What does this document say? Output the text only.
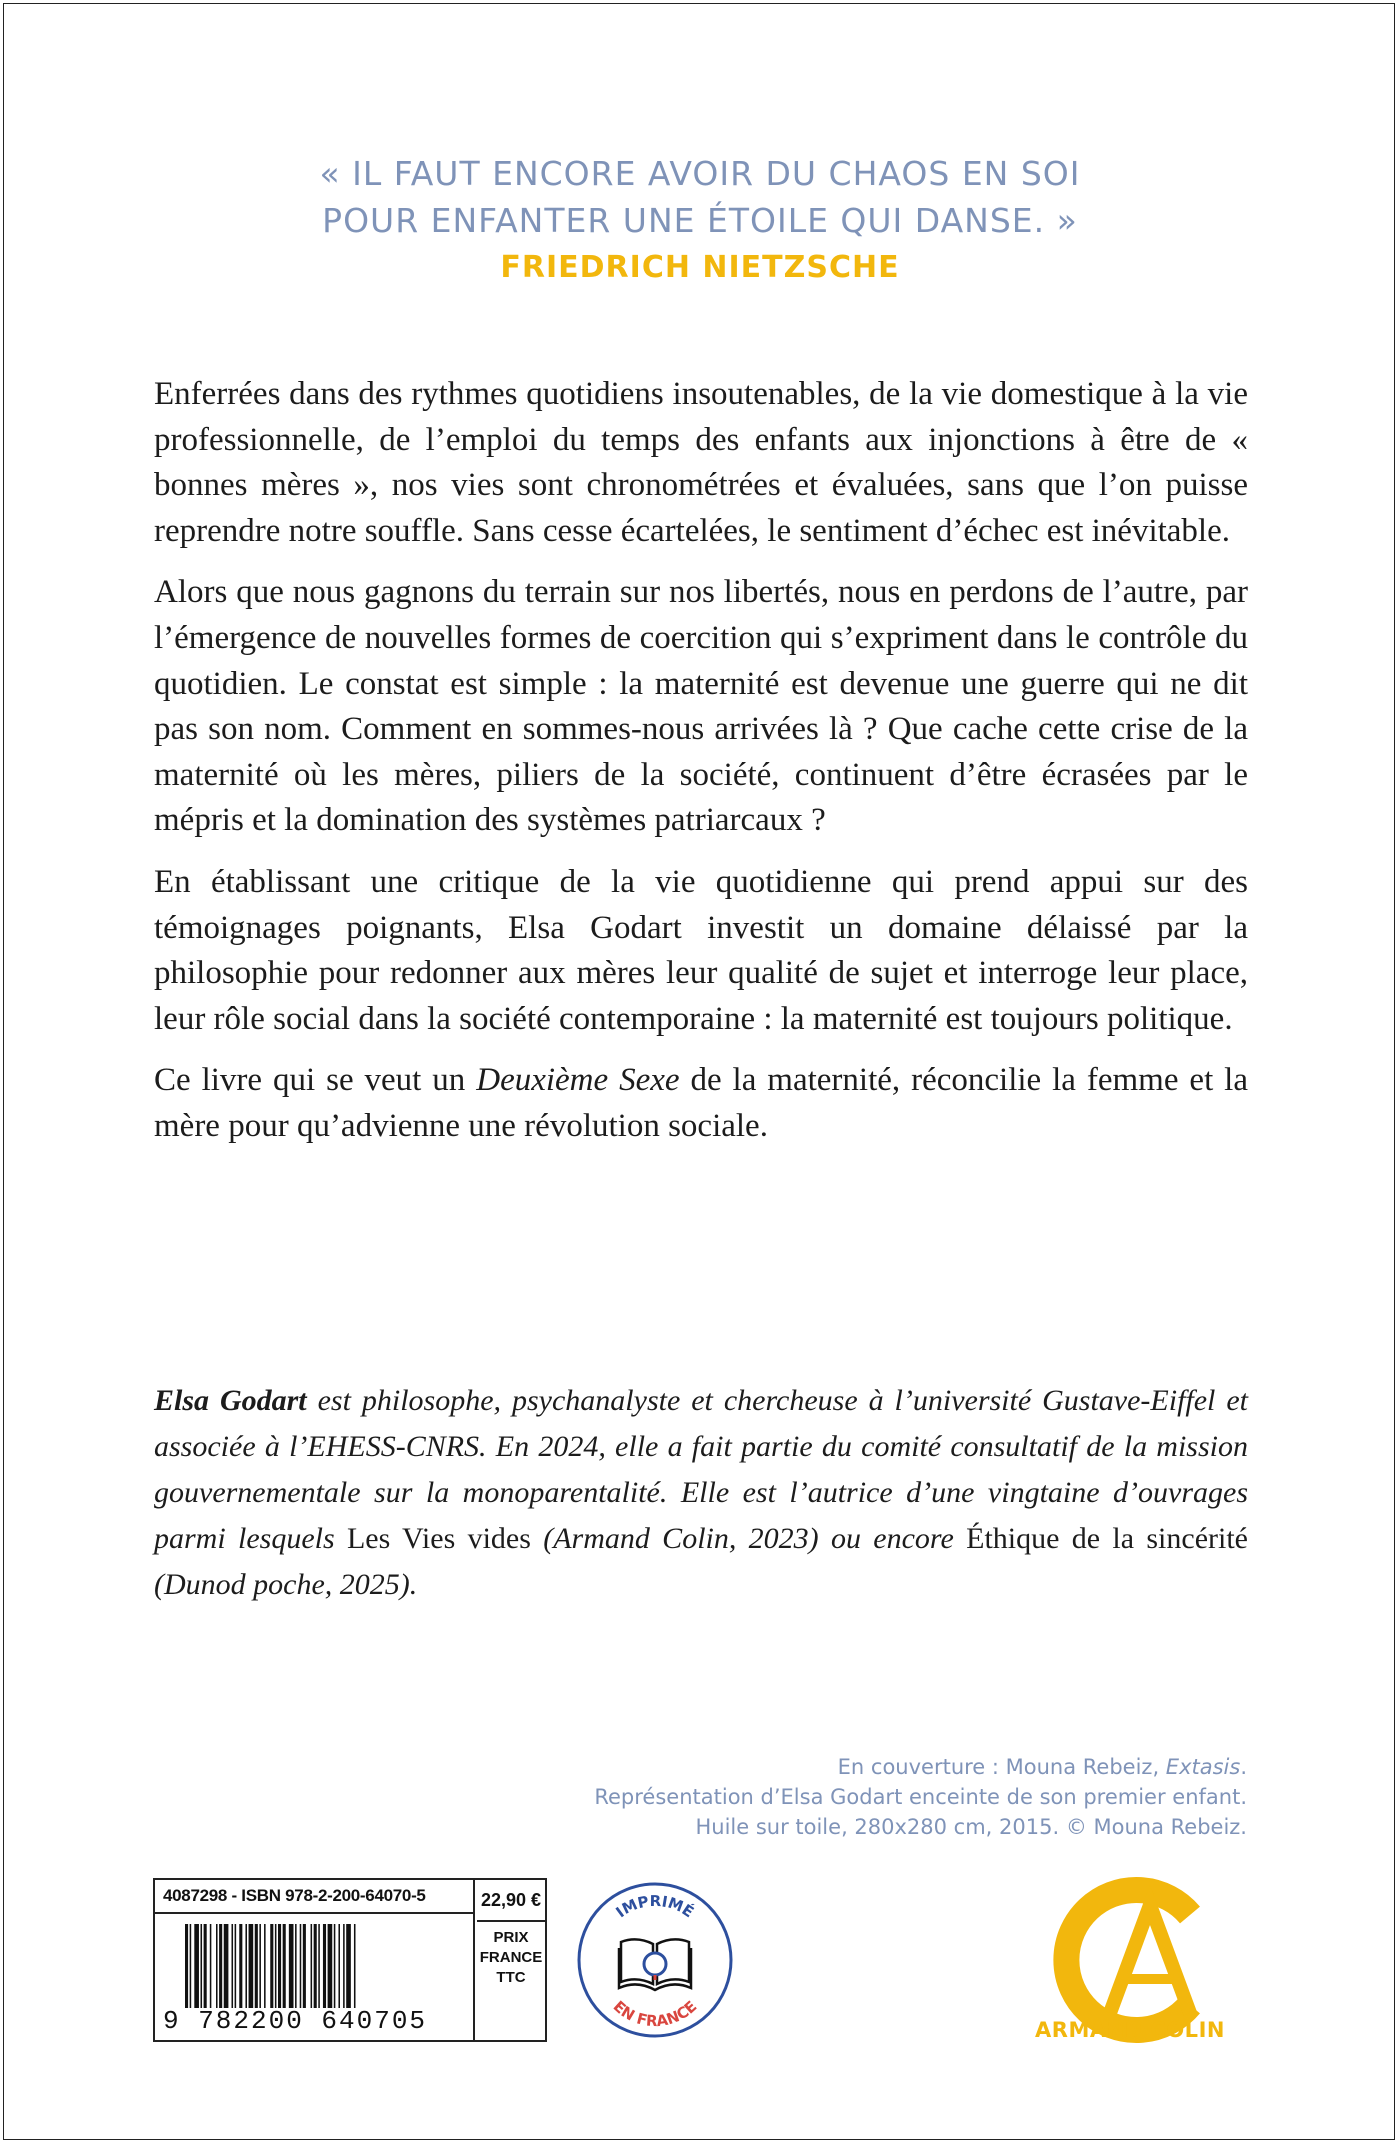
« IL FAUT ENCORE AVOIR DU CHAOS EN SOI
POUR ENFANTER UNE ÉTOILE QUI DANSE. »
FRIEDRICH NIETZSCHE

Enferrées dans des rythmes quotidiens insoutenables, de la vie domestique à la vie professionnelle, de l’emploi du temps des enfants aux injonctions à être de « bonnes mères », nos vies sont chronométrées et évaluées, sans que l’on puisse reprendre notre souffle. Sans cesse écartelées, le sentiment d’échec est inévitable.

Alors que nous gagnons du terrain sur nos libertés, nous en perdons de l’autre, par l’émergence de nouvelles formes de coercition qui s’expriment dans le contrôle du quotidien. Le constat est simple : la maternité est devenue une guerre qui ne dit pas son nom. Comment en sommes-nous arrivées là ? Que cache cette crise de la maternité où les mères, piliers de la société, continuent d’être écrasées par le mépris et la domination des systèmes patriarcaux ?

En établissant une critique de la vie quotidienne qui prend appui sur des témoignages poignants, Elsa Godart investit un domaine délaissé par la philosophie pour redonner aux mères leur qualité de sujet et interroge leur place, leur rôle social dans la société contemporaine : la maternité est toujours politique.

Ce livre qui se veut un Deuxième Sexe de la maternité, réconcilie la femme et la mère pour qu’advienne une révolution sociale.

Elsa Godart est philosophe, psychanalyste et chercheuse à l’université Gustave-Eiffel et associée à l’EHESS-CNRS. En 2024, elle a fait partie du comité consultatif de la mission gouvernementale sur la monoparentalité. Elle est l’autrice d’une vingtaine d’ouvrages parmi lesquels Les Vies vides (Armand Colin, 2023) ou encore Éthique de la sincérité (Dunod poche, 2025).
En couverture : Mouna Rebeiz, Extasis.
Représentation d’Elsa Godart enceinte de son premier enfant.
Huile sur toile, 280x280 cm, 2015. © Mouna Rebeiz.
4087298 - ISBN 978-2-200-64070-5
9 782200 640705
22,90 €
PRIX
FRANCE
TTC
IMPRIMÉ
EN FRANCE
ARMAND COLIN
